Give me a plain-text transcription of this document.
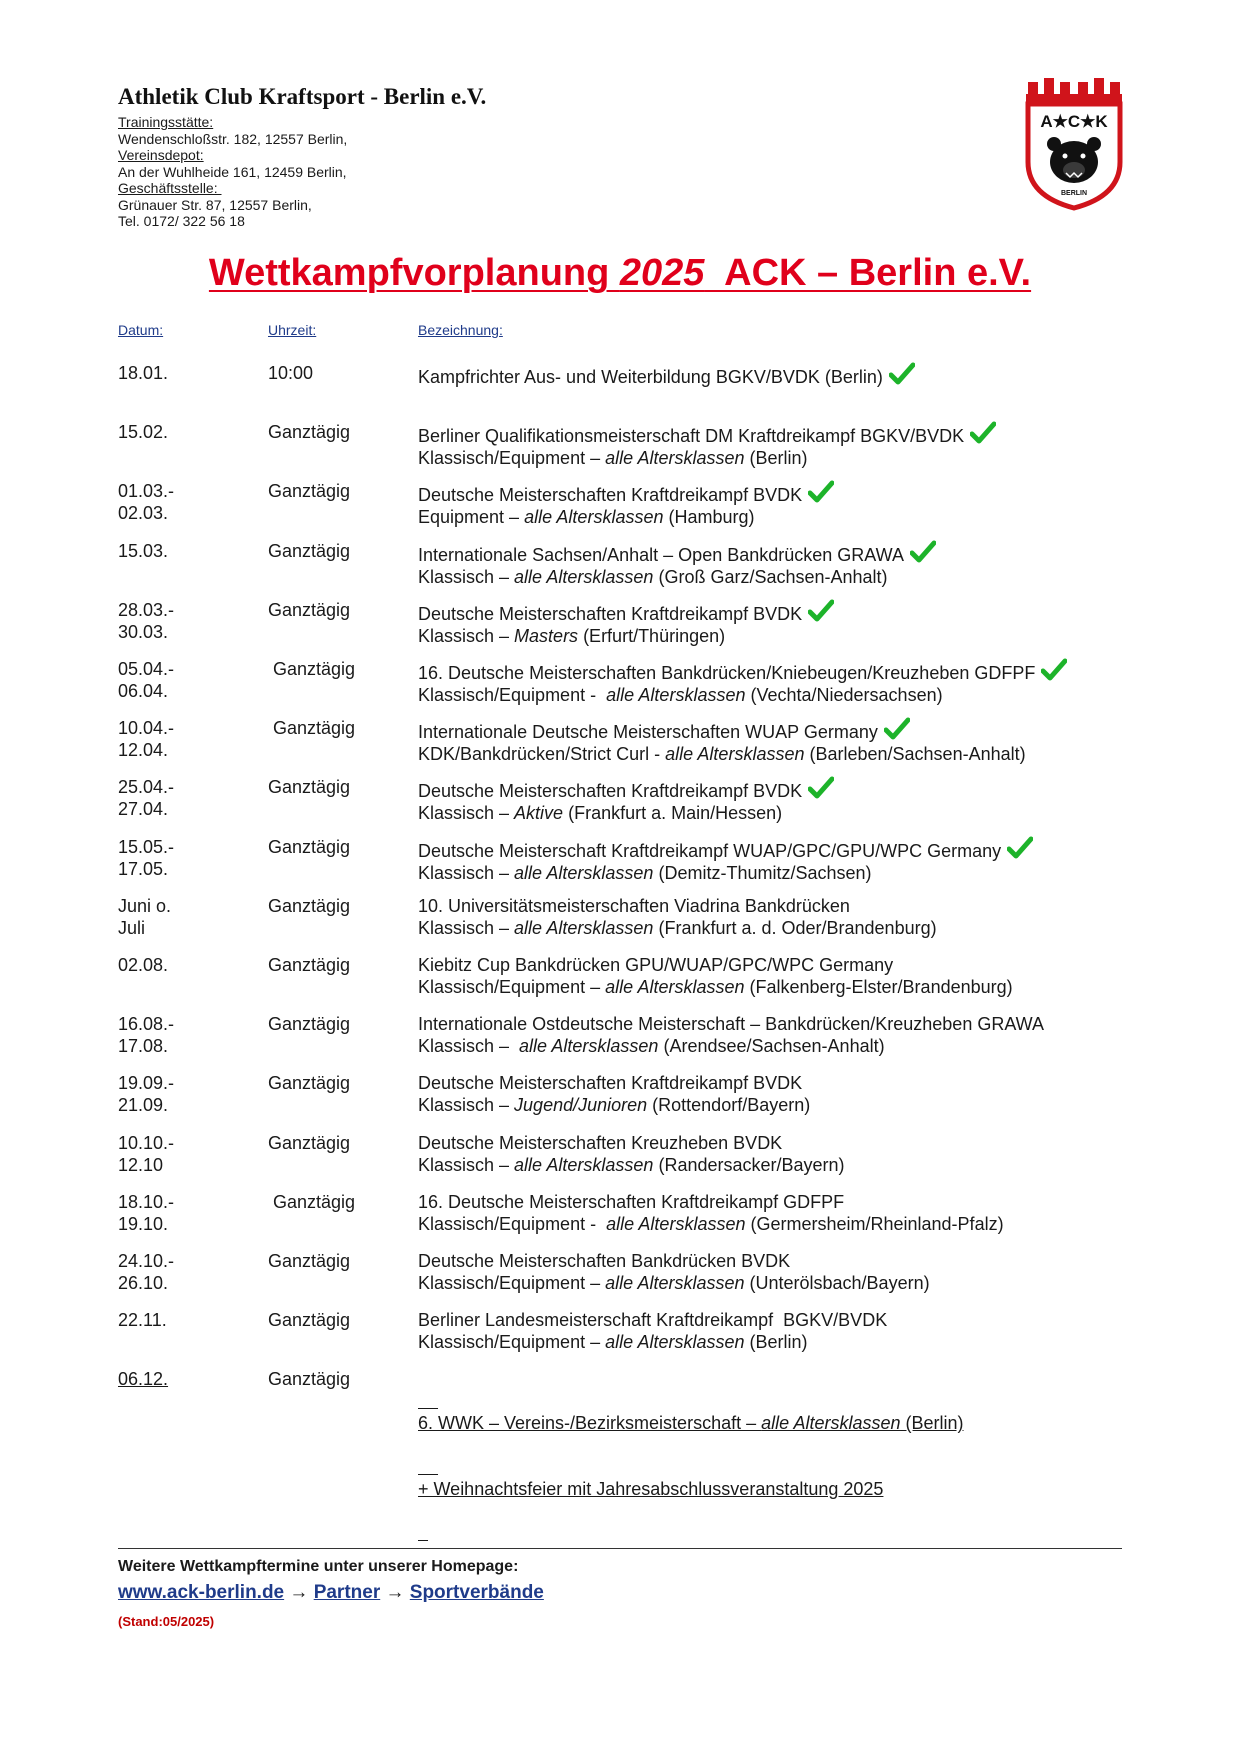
Athletik Club Kraftsport - Berlin e.V.
Trainingsstätte:
Wendenschloßstr. 182, 12557 Berlin,
Vereinsdepot:
An der Wuhlheide 161, 12459 Berlin,
Geschäftsstelle:
Grünauer Str. 87, 12557 Berlin,
Tel. 0172/ 322 56 18
A★C★K
BERLIN
Wettkampfvorplanung 2025  ACK – Berlin e.V.
Datum:	Uhrzeit:	Bezeichnung:
18.01.	10:00	Kampfrichter Aus- und Weiterbildung BGKV/BVDK (Berlin)
15.02.	Ganztägig	Berliner Qualifikationsmeisterschaft DM Kraftdreikampf BGKV/BVDK
Klassisch/Equipment – alle Altersklassen (Berlin)
01.03.-
02.03.
Ganztägig	Deutsche Meisterschaften Kraftdreikampf BVDK
Equipment – alle Altersklassen (Hamburg)
15.03.	Ganztägig	Internationale Sachsen/Anhalt – Open Bankdrücken GRAWA
Klassisch – alle Altersklassen (Groß Garz/Sachsen-Anhalt)
28.03.-
30.03.
Ganztägig	Deutsche Meisterschaften Kraftdreikampf BVDK
Klassisch – Masters (Erfurt/Thüringen)
05.04.-
06.04.
Ganztägig	16. Deutsche Meisterschaften Bankdrücken/Kniebeugen/Kreuzheben GDFPF
Klassisch/Equipment -  alle Altersklassen (Vechta/Niedersachsen)
10.04.-
12.04.
Ganztägig	Internationale Deutsche Meisterschaften WUAP Germany
KDK/Bankdrücken/Strict Curl - alle Altersklassen (Barleben/Sachsen-Anhalt)
25.04.-
27.04.
Ganztägig	Deutsche Meisterschaften Kraftdreikampf BVDK
Klassisch – Aktive (Frankfurt a. Main/Hessen)
15.05.-
17.05.
Ganztägig	Deutsche Meisterschaft Kraftdreikampf WUAP/GPC/GPU/WPC Germany
Klassisch – alle Altersklassen (Demitz-Thumitz/Sachsen)
Juni o.
Juli
Ganztägig	10. Universitätsmeisterschaften Viadrina Bankdrücken
Klassisch – alle Altersklassen (Frankfurt a. d. Oder/Brandenburg)
02.08.	Ganztägig	Kiebitz Cup Bankdrücken GPU/WUAP/GPC/WPC Germany
Klassisch/Equipment – alle Altersklassen (Falkenberg-Elster/Brandenburg)
16.08.-
17.08.
Ganztägig	Internationale Ostdeutsche Meisterschaft – Bankdrücken/Kreuzheben GRAWA
Klassisch –  alle Altersklassen (Arendsee/Sachsen-Anhalt)
19.09.-
21.09.
Ganztägig	Deutsche Meisterschaften Kraftdreikampf BVDK
Klassisch – Jugend/Junioren (Rottendorf/Bayern)
10.10.-
12.10
Ganztägig	Deutsche Meisterschaften Kreuzheben BVDK
Klassisch – alle Altersklassen (Randersacker/Bayern)
18.10.-
19.10.
Ganztägig	16. Deutsche Meisterschaften Kraftdreikampf GDFPF
Klassisch/Equipment -  alle Altersklassen (Germersheim/Rheinland-Pfalz)
24.10.-
26.10.
Ganztägig	Deutsche Meisterschaften Bankdrücken BVDK
Klassisch/Equipment – alle Altersklassen (Unterölsbach/Bayern)
22.11.	Ganztägig	Berliner Landesmeisterschaft Kraftdreikampf  BGKV/BVDK
Klassisch/Equipment – alle Altersklassen (Berlin)
06.12.	Ganztägig

6. WWK – Vereins-/Bezirksmeisterschaft – alle Altersklassen (Berlin)

+ Weihnachtsfeier mit Jahresabschlussveranstaltung 2025

Weitere Wettkampftermine unter unserer Homepage:
www.ack-berlin.de → Partner → Sportverbände
(Stand:05/2025)
